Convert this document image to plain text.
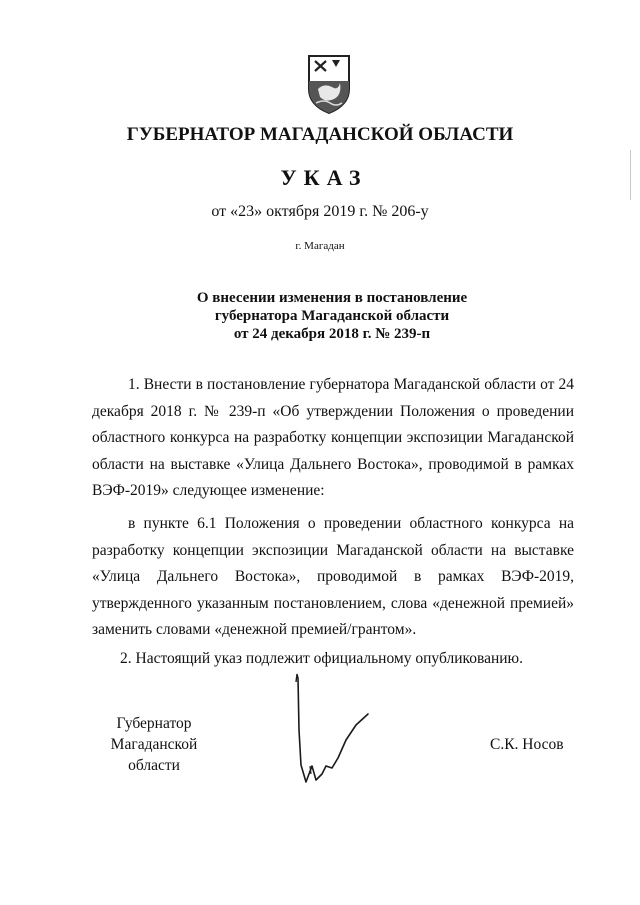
ГУБЕРНАТОР МАГАДАНСКОЙ ОБЛАСТИ
УКАЗ
от «23» октября 2019 г. № 206-у
г. Магадан
О внесении изменения в постановление
губернатора Магаданской области
от 24 декабря 2018 г. № 239-п
1. Внести в постановление губернатора Магаданской области от 24 декабря 2018 г. № 239-п «Об утверждении Положения о проведении областного конкурса на разработку концепции экспозиции Магаданской области на выставке «Улица Дальнего Востока», проводимой в рамках ВЭФ-2019» следующее изменение:
в пункте 6.1 Положения о проведении областного конкурса на разработку концепции экспозиции Магаданской области на выставке «Улица Дальнего Востока», проводимой в рамках ВЭФ-2019, утвержденного указанным постановлением, слова «денежной премией» заменить словами «денежной премией/грантом».
2. Настоящий указ подлежит официальному опубликованию.
Губернатор
Магаданской области
С.К. Носов
